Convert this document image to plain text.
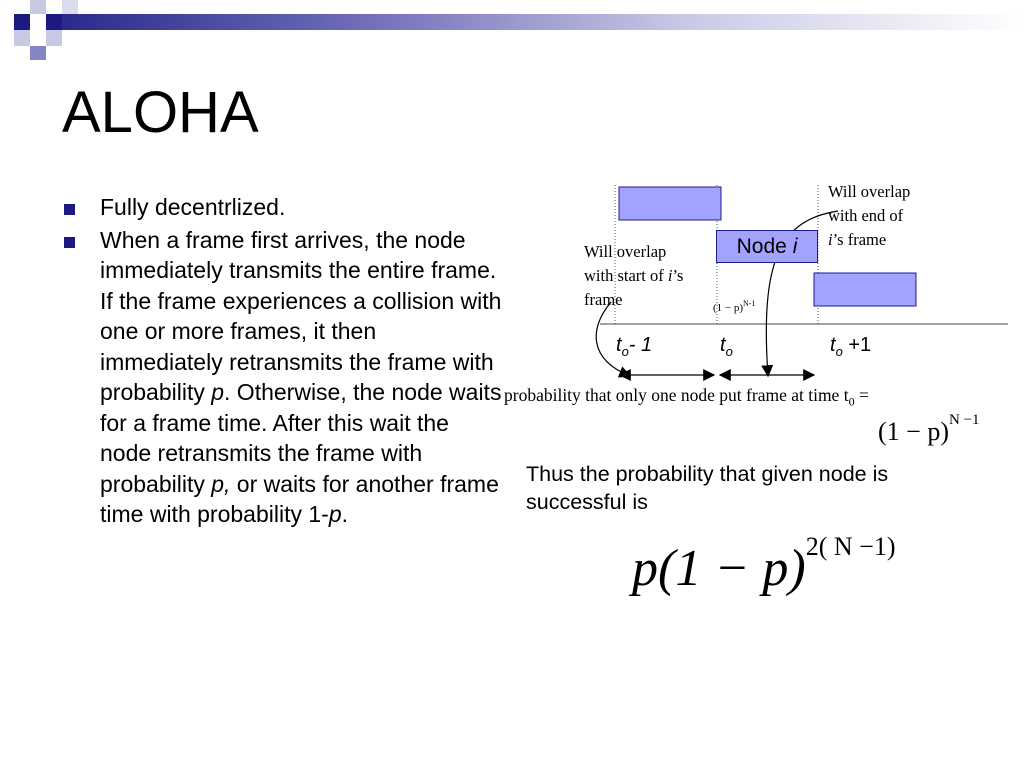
ALOHA
Fully decentrlized.
When a frame first arrives, the node immediately transmits the entire frame. If the frame experiences a collision with one or more frames, it then immediately retransmits the frame with probability p. Otherwise, the node waits for a frame time. After this wait the node retransmits the frame with probability p, or waits for another frame time with probability 1-p.
Node
i
Will overlap
with end of
i’s frame
Will overlap
with start of i’s
frame	$(1 - p)^{N-1}$
$t_o-$ 1	$t_o$	$t_o +1$
probability that only one node put frame at time $t_0$ =
$(1 - p)^{N -1}$
Thus the probability that given node is successful is
$p(1 - p)^{2( N -1)}$
